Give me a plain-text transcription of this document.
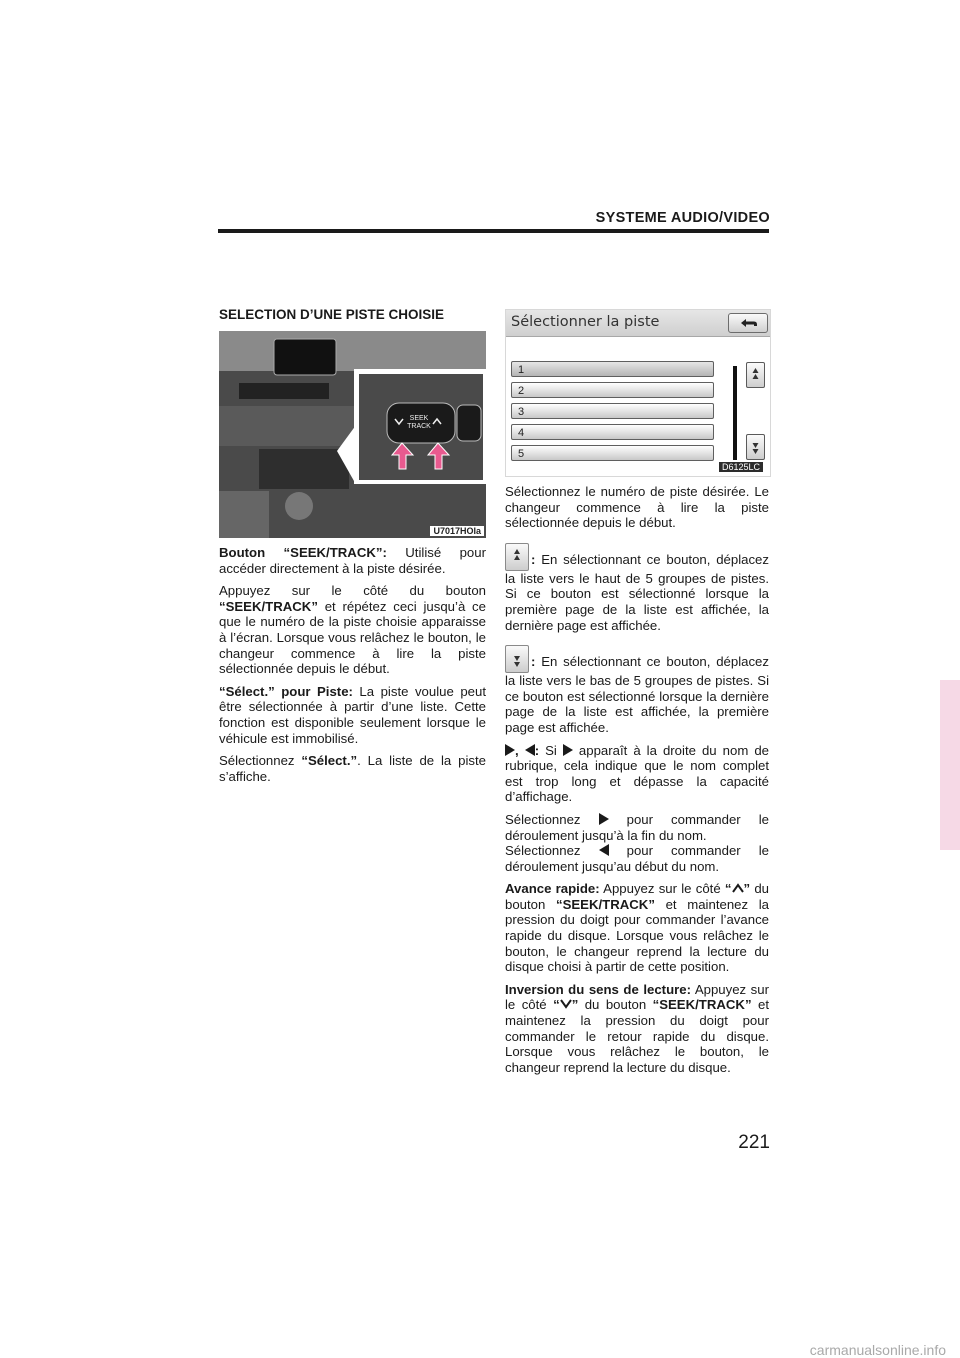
SYSTEME AUDIO/VIDEO
SELECTION D’UNE PISTE CHOISIE
SEEK
TRACK
U7017HOIa

Bouton “SEEK/TRACK”: Utilisé pour accéder directement à la piste désirée.

Appuyez sur le côté du bouton “SEEK/TRACK” et répétez ceci jusqu’à ce que le numéro de la piste choisie apparaisse à l’écran. Lorsque vous relâchez le bouton, le changeur commence à lire la piste sélectionnée depuis le début.

“Sélect.” pour Piste: La piste voulue peut être sélectionnée à partir d’une liste. Cette fonction est disponible seulement lorsque le véhicule est immobilisé.

Sélectionnez “Sélect.”. La liste de la piste s’affiche.

Sélectionner la piste
1
2
3
4
5
D6125LC

Sélectionnez le numéro de piste désirée. Le changeur commence à lire la piste sélectionnée depuis le début.

: En sélectionnant ce bouton, déplacez la liste vers le haut de 5 groupes de pistes. Si ce bouton est sélectionné lorsque la première page de la liste est affichée, la dernière page est affichée.

: En sélectionnant ce bouton, déplacez la liste vers le bas de 5 groupes de pistes. Si ce bouton est sélectionné lorsque la dernière page de la liste est affichée, la première page est affichée.

, : Si  apparaît à la droite du nom de rubrique, cela indique que le nom complet est trop long et dépasse la capacité d’affichage.

Sélectionnez  pour commander le déroulement jusqu’à la fin du nom.
Sélectionnez  pour commander le déroulement jusqu’au début du nom.

Avance rapide: Appuyez sur le côté “ ” du bouton “SEEK/TRACK” et maintenez la pression du doigt pour commander l’avance rapide du disque. Lorsque vous relâchez le bouton, le changeur reprend la lecture du disque choisi à partir de cette position.

Inversion du sens de lecture: Appuyez sur le côté “ ” du bouton “SEEK/TRACK” et maintenez la pression du doigt pour commander le retour rapide du disque. Lorsque vous relâchez le bouton, le changeur reprend la lecture du disque.

221
carmanualsonline.info
